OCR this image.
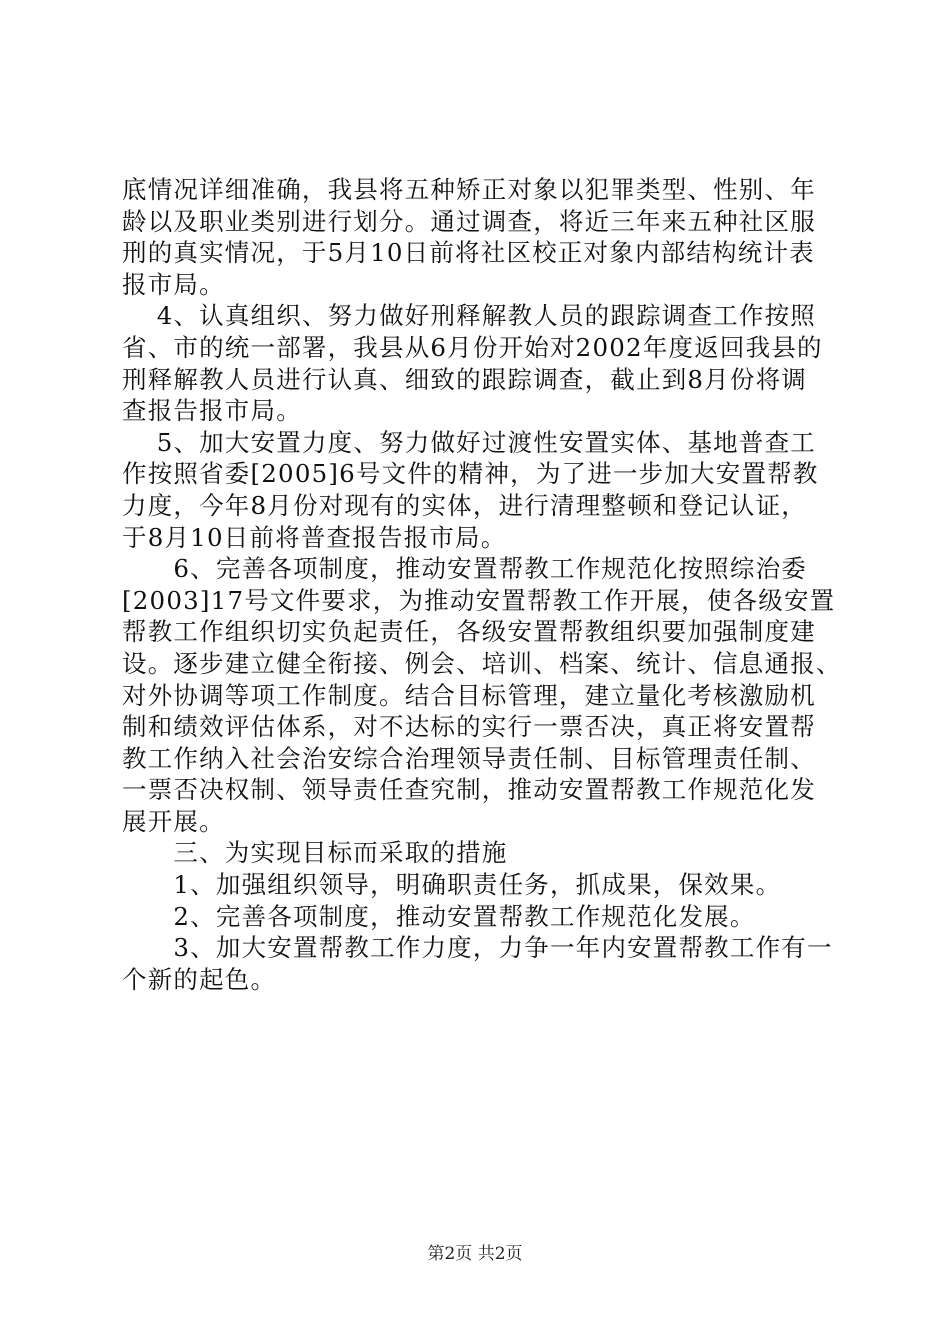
底情况详细准确，我县将五种矫正对象以犯罪类型、性别、年
龄以及职业类别进行划分。通过调查，将近三年来五种社区服
刑的真实情况，于5月10日前将社区校正对象内部结构统计表
报市局。
　 4、认真组织、努力做好刑释解教人员的跟踪调查工作按照
省、市的统一部署，我县从6月份开始对2002年度返回我县的
刑释解教人员进行认真、细致的跟踪调查，截止到8月份将调
查报告报市局。
　 5、加大安置力度、努力做好过渡性安置实体、基地普查工
作按照省委[2005]6号文件的精神，为了进一步加大安置帮教
力度，今年8月份对现有的实体，进行清理整顿和登记认证，
于8月10日前将普查报告报市局。
　　6、完善各项制度，推动安置帮教工作规范化按照综治委
[2003]17号文件要求，为推动安置帮教工作开展，使各级安置
帮教工作组织切实负起责任，各级安置帮教组织要加强制度建
设。逐步建立健全衔接、例会、培训、档案、统计、信息通报、
对外协调等项工作制度。结合目标管理，建立量化考核激励机
制和绩效评估体系，对不达标的实行一票否决，真正将安置帮
教工作纳入社会治安综合治理领导责任制、目标管理责任制、
一票否决权制、领导责任查究制，推动安置帮教工作规范化发
展开展。
　　三、为实现目标而采取的措施
　　1、加强组织领导，明确职责任务，抓成果，保效果。
　　2、完善各项制度，推动安置帮教工作规范化发展。
　　3、加大安置帮教工作力度，力争一年内安置帮教工作有一
个新的起色。
第2页 共2页
